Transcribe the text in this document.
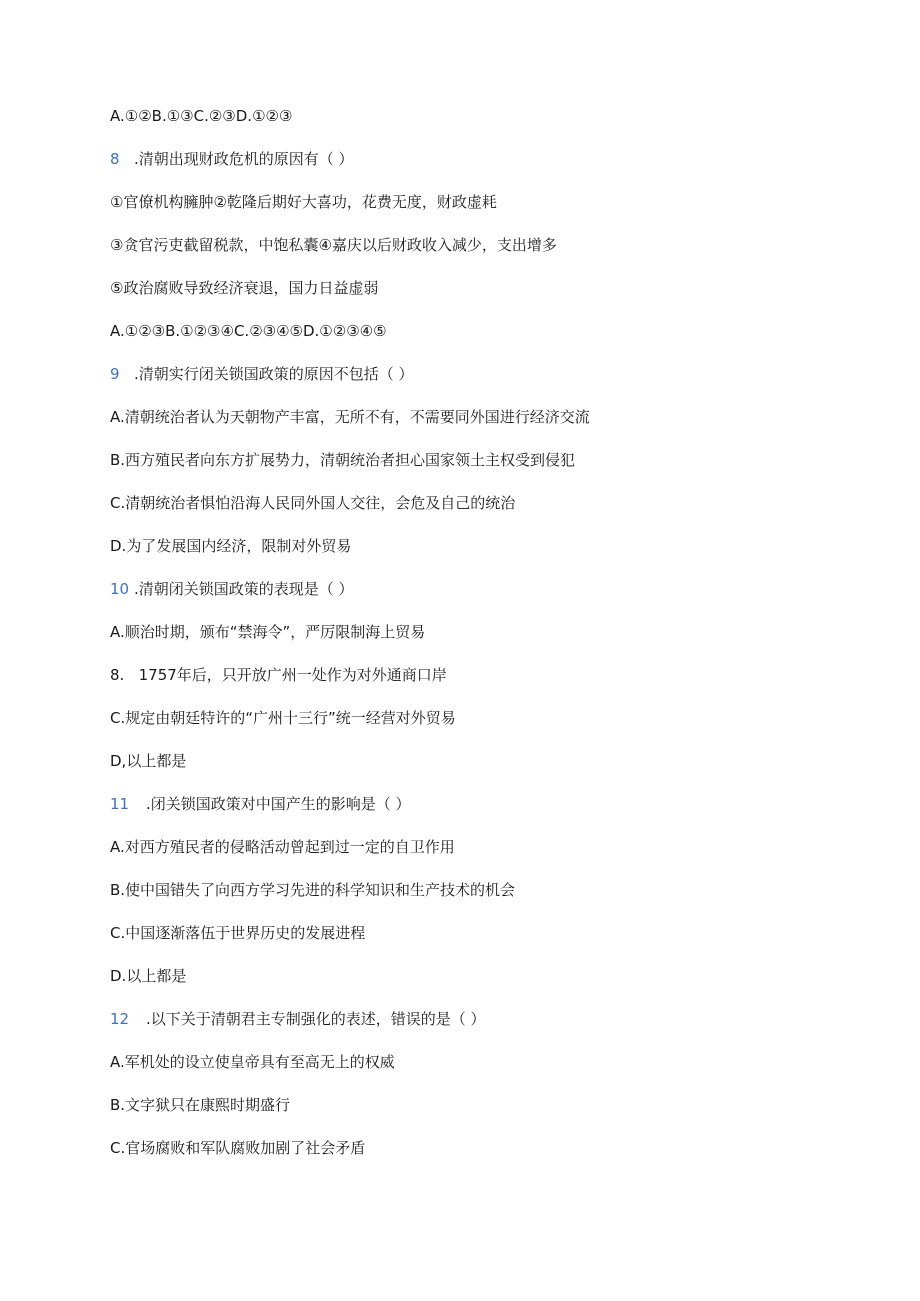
A.①②B.①③C.②③D.①②③
8 .清朝出现财政危机的原因有（ ）
①官僚机构臃肿②乾隆后期好大喜功，花费无度，财政虚耗
③贪官污吏截留税款，中饱私囊④嘉庆以后财政收入减少，支出增多
⑤政治腐败导致经济衰退，国力日益虚弱
A.①②③B.①②③④C.②③④⑤D.①②③④⑤
9 .清朝实行闭关锁国政策的原因不包括（ ）
A.清朝统治者认为天朝物产丰富，无所不有，不需要同外国进行经济交流
B.西方殖民者向东方扩展势力，清朝统治者担心国家领土主权受到侵犯
C.清朝统治者惧怕沿海人民同外国人交往，会危及自己的统治
D.为了发展国内经济，限制对外贸易
10 .清朝闭关锁国政策的表现是（ ）
A.顺治时期，颁布“禁海令”，严厉限制海上贸易
8.   1757年后，只开放广州一处作为对外通商口岸
C.规定由朝廷特许的“广州十三行”统一经营对外贸易
D,以上都是
11 .闭关锁国政策对中国产生的影响是（ ）
A.对西方殖民者的侵略活动曾起到过一定的自卫作用
B.使中国错失了向西方学习先进的科学知识和生产技术的机会
C.中国逐渐落伍于世界历史的发展进程
D.以上都是
12 .以下关于清朝君主专制强化的表述，错误的是（ ）
A.军机处的设立使皇帝具有至高无上的权威
B.文字狱只在康熙时期盛行
C.官场腐败和军队腐败加剧了社会矛盾
